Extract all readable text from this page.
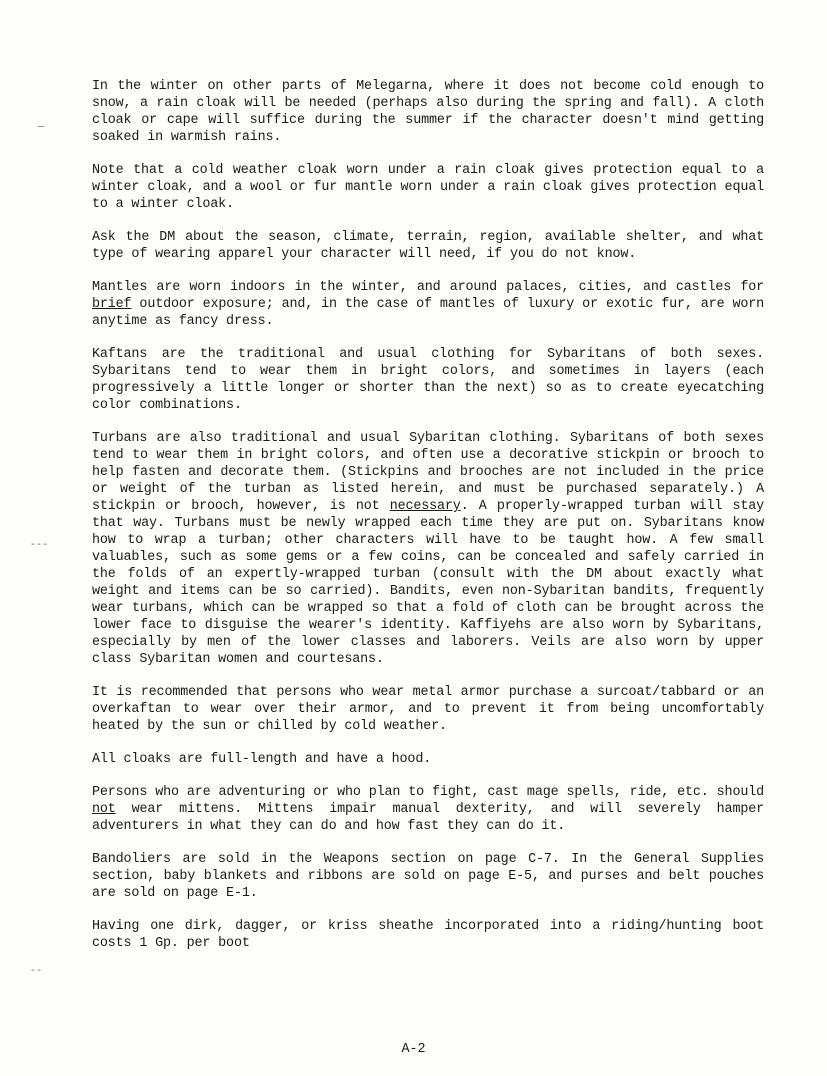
—
---
--

In the winter on other parts of Melegarna, where it does not become cold enough to snow, a rain cloak will be needed (perhaps also during the spring and fall). A cloth cloak or cape will suffice during the summer if the character doesn't mind getting soaked in warmish rains.

Note that a cold weather cloak worn under a rain cloak gives protection equal to a winter cloak, and a wool or fur mantle worn under a rain cloak gives protection equal to a winter cloak.

Ask the DM about the season, climate, terrain, region, available shelter, and what type of wearing apparel your character will need, if you do not know.

Mantles are worn indoors in the winter, and around palaces, cities, and castles for brief outdoor exposure; and, in the case of mantles of luxury or exotic fur, are worn anytime as fancy dress.

Kaftans are the traditional and usual clothing for Sybaritans of both sexes. Sybaritans tend to wear them in bright colors, and sometimes in layers (each progressively a little longer or shorter than the next) so as to create eyecatching color combinations.

Turbans are also traditional and usual Sybaritan clothing. Sybaritans of both sexes tend to wear them in bright colors, and often use a decorative stickpin or brooch to help fasten and decorate them. (Stickpins and brooches are not included in the price or weight of the turban as listed herein, and must be purchased separately.) A stickpin or brooch, however, is not necessary. A properly-wrapped turban will stay that way. Turbans must be newly wrapped each time they are put on. Sybaritans know how to wrap a turban; other characters will have to be taught how. A few small valuables, such as some gems or a few coins, can be concealed and safely carried in the folds of an expertly-wrapped turban (consult with the DM about exactly what weight and items can be so carried). Bandits, even non-Sybaritan bandits, frequently wear turbans, which can be wrapped so that a fold of cloth can be brought across the lower face to disguise the wearer's identity. Kaffiyehs are also worn by Sybaritans, especially by men of the lower classes and laborers. Veils are also worn by upper class Sybaritan women and courtesans.

It is recommended that persons who wear metal armor purchase a surcoat/tabbard or an overkaftan to wear over their armor, and to prevent it from being uncomfortably heated by the sun or chilled by cold weather.

All cloaks are full-length and have a hood.

Persons who are adventuring or who plan to fight, cast mage spells, ride, etc. should not wear mittens. Mittens impair manual dexterity, and will severely hamper adventurers in what they can do and how fast they can do it.

Bandoliers are sold in the Weapons section on page C-7. In the General Supplies section, baby blankets and ribbons are sold on page E-5, and purses and belt pouches are sold on page E-1.

Having one dirk, dagger, or kriss sheathe incorporated into a riding/hunting boot costs 1 Gp. per boot

A-2
